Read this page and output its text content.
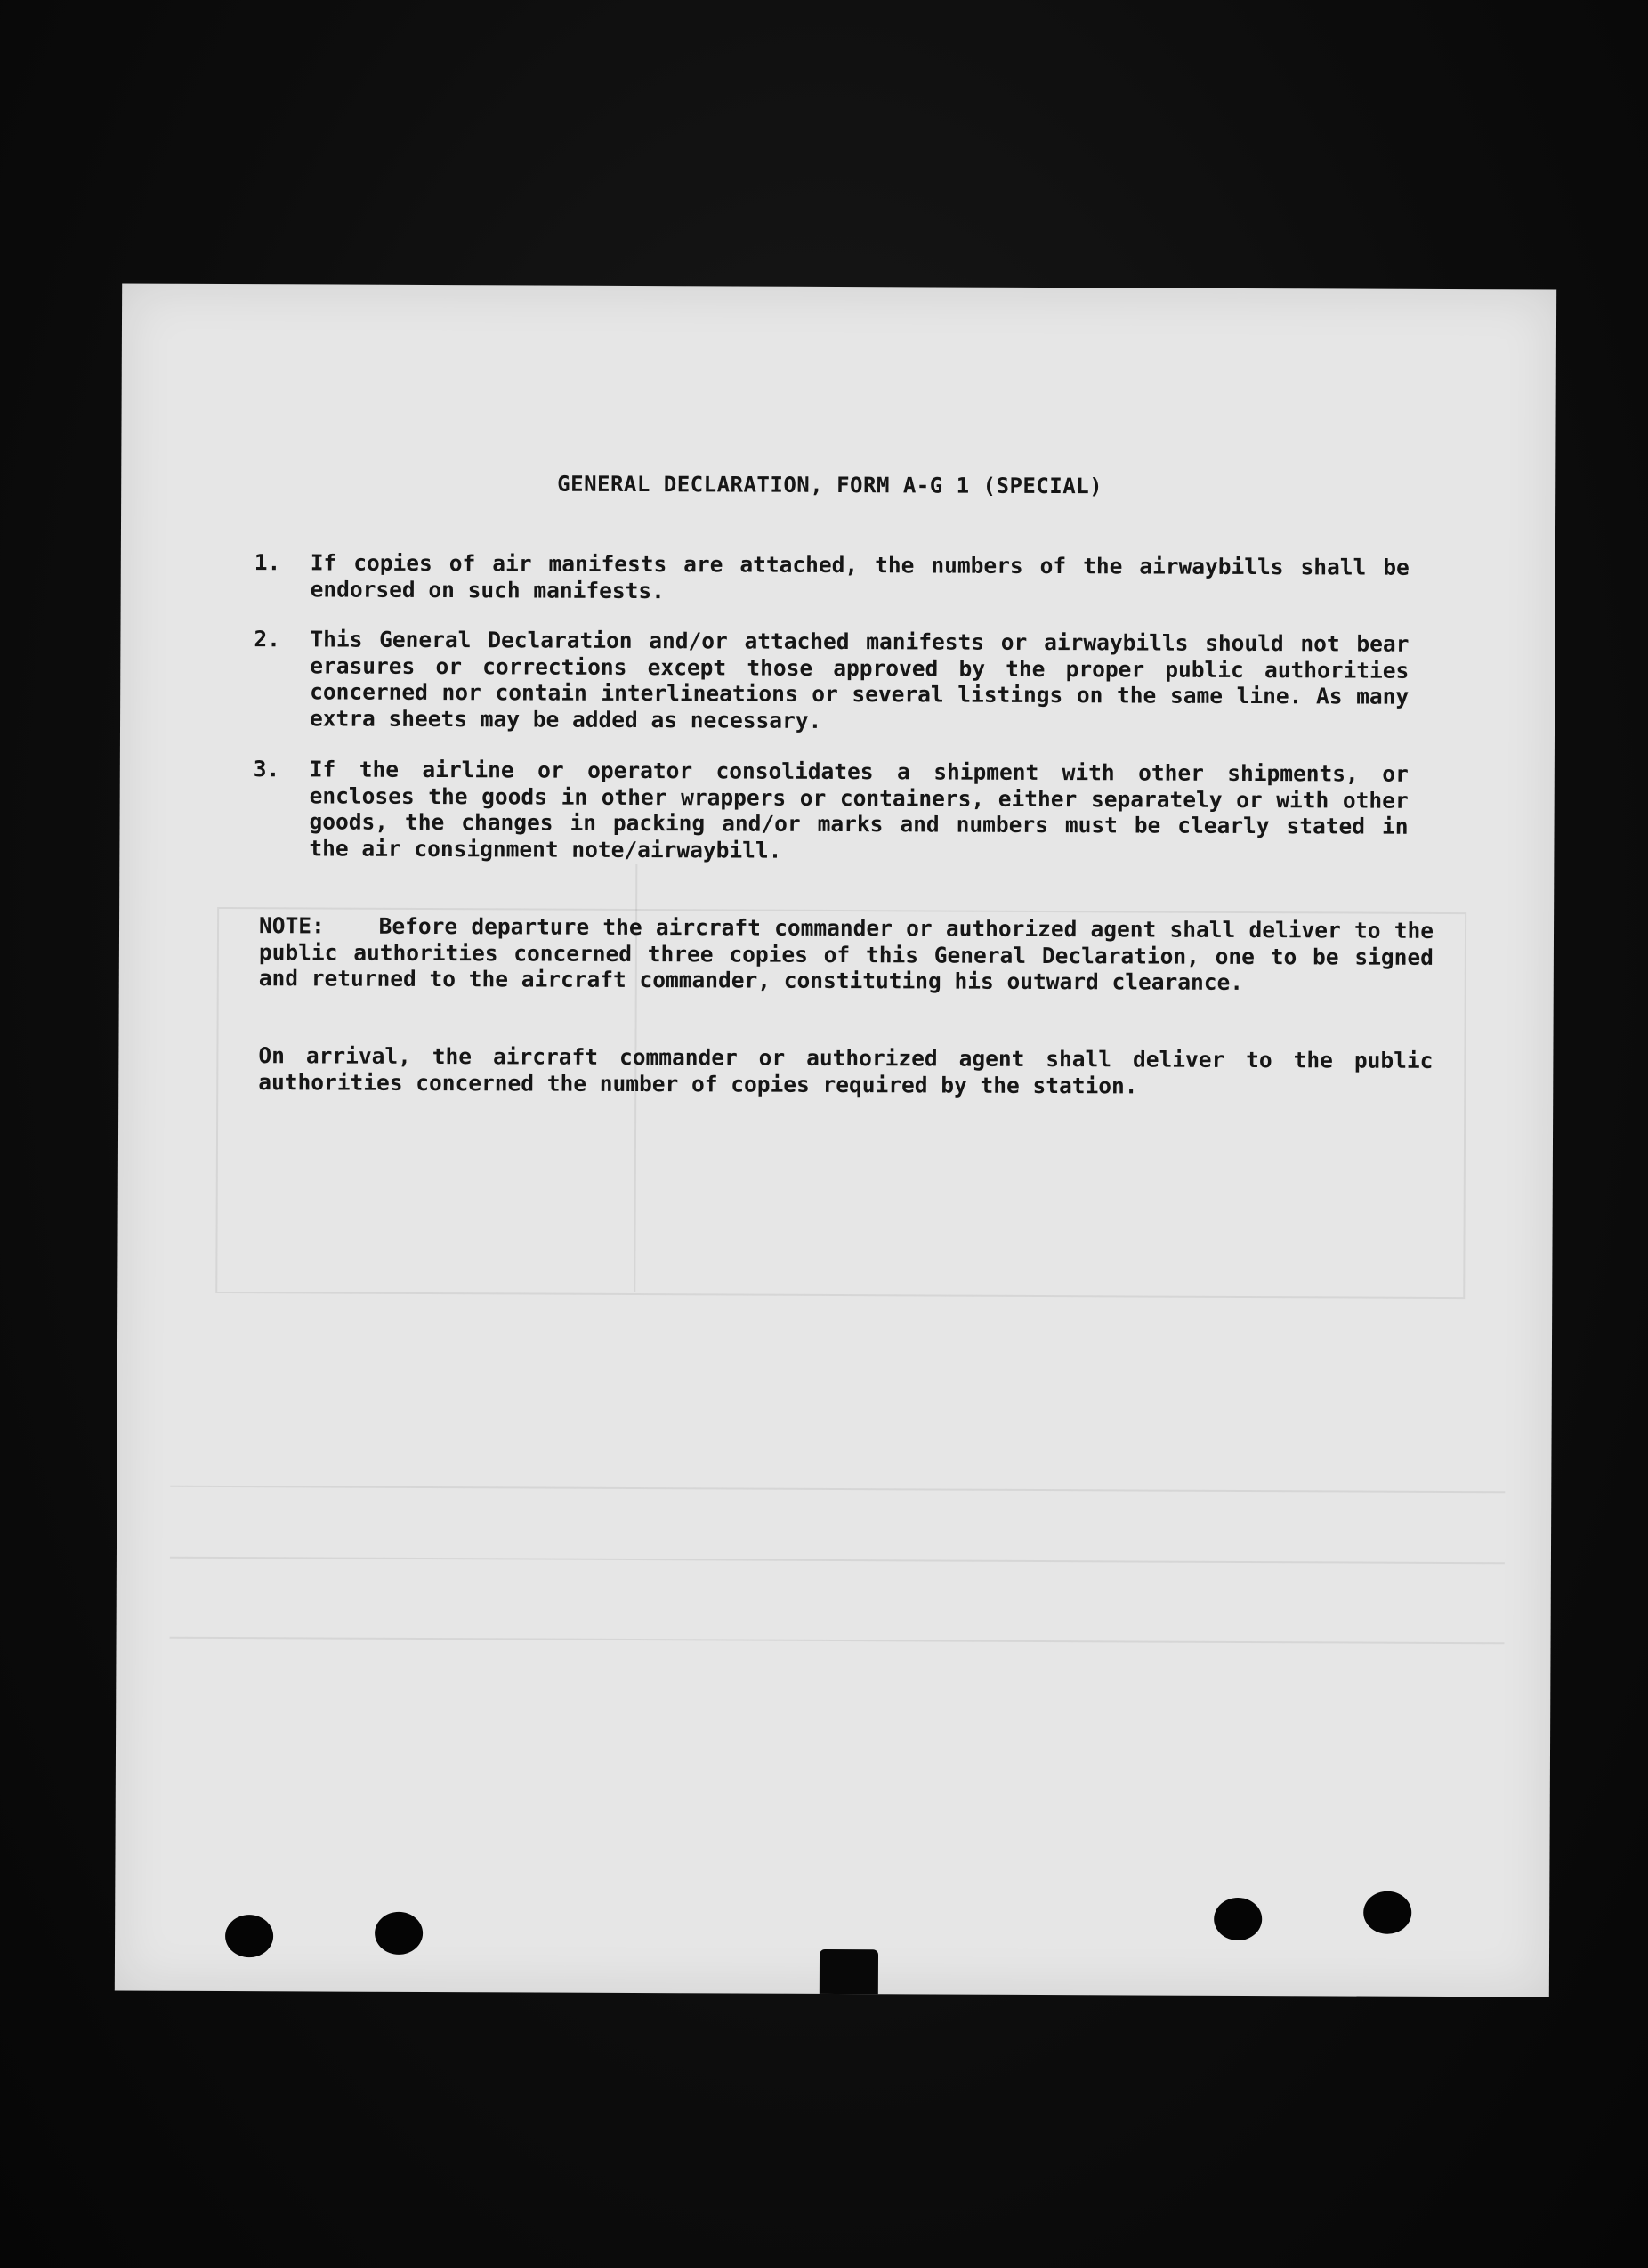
GENERAL DECLARATION, FORM A-G 1 (SPECIAL)
1.	If copies of air manifests are attached, the numbers of the airwaybills shall be endorsed on such manifests.
2.	This General Declaration and/or attached manifests or airwaybills should not bear erasures or corrections except those approved by the proper public authorities concerned nor contain interlineations or several listings on the same line. As many extra sheets may be added as necessary.
3.	If the airline or operator consolidates a shipment with other shipments, or encloses the goods in other wrappers or containers, either separately or with other goods, the changes in packing and/or marks and numbers must be clearly stated in the air consignment note/airwaybill.
NOTE:    Before departure the aircraft commander or authorized agent shall deliver to the public authorities concerned three copies of this General Declaration, one to be signed and returned to the aircraft commander, constituting his outward clearance.
On arrival, the aircraft commander or authorized agent shall deliver to the public authorities concerned the number of copies required by the station.
